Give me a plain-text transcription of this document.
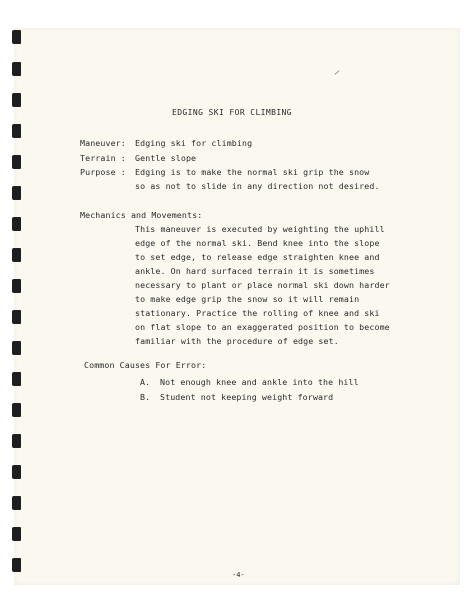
EDGING SKI FOR CLIMBING
Maneuver: Edging ski for climbing
Terrain : Gentle slope
Purpose : Edging is to make the normal ski grip the snow
so as not to slide in any direction not desired.
Mechanics and Movements:
This maneuver is executed by weighting the uphill
edge of the normal ski. Bend knee into the slope
to set edge, to release edge straighten knee and
ankle. On hard surfaced terrain it is sometimes
necessary to plant or place normal ski down harder
to make edge grip the snow so it will remain
stationary. Practice the rolling of knee and ski
on flat slope to an exaggerated position to become
familiar with the procedure of edge set.
Common Causes For Error:
A. Not enough knee and ankle into the hill
B. Student not keeping weight forward
-4-
